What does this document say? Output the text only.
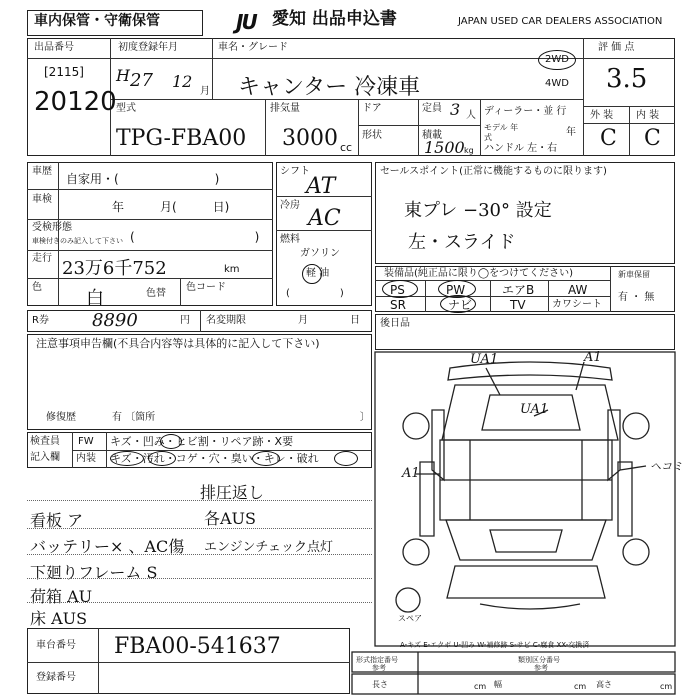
車内保管・守衛保管	JU 愛知 出品申込書	JAPAN USED CAR DEALERS ASSOCIATION
出品番号
[2115]
20120
初度登録年月
H 27 12
月
車名・グレード
キャンター 冷凍車
2WD
4WD
評 価 点
3.5
外 装 内 装
C C
型式
TPG-FBA00
排気量
3000 cc
ドア
形状
定員 3 人
積載
1500 kg
ディーラー・並 行
モデル 年式	年
ハンドル 左・右
車歴
自家用・(　　　　　　　　)
車検
年　　　月(　　　日)
受検形態
車検付きのみ記入して下さい (　　　　　　　　　　)
走行 23万6千752	km
色
白	色替
色コード
シフト
AT
冷房
AC
燃料
ガソリン
軽 油
(　　　　　)
セールスポイント(正常に機能するものに限ります)
東プレ −30° 設定
左・スライド
装備品(純正品に限り◯をつけてください)	新車保留
有 ・ 無
PS	PW	エアB	AW
SR	ナビ	TV	カワシート
R券 8890	円 名変期限	月	日 後日品
注意事項申告欄(不具合内容等は具体的に記入して下さい)
修復歴	有 〔箇所	〕
検査員
記入欄
FW キズ・凹み・ヒビ割・リペア跡・X要
内装 キズ・汚れ・コゲ・穴・臭い・キレ・破れ
排圧返し
看板 ア	各AUS
バッテリー× 、AC傷 エンジンチェック点灯
下廻りフレーム S
荷箱 AU
床 AUS
UA1	A1
UA1
A1	ヘコミ
スペア
A-キズ E-エクボ U-凹み W-補修跡 S-サビ C-腐食 XX-交換済
車台番号 FBA00-541637
登録番号
形式指定番号
参考
類別区分番号
参考
長さ	cm 幅	cm 高さ	cm
